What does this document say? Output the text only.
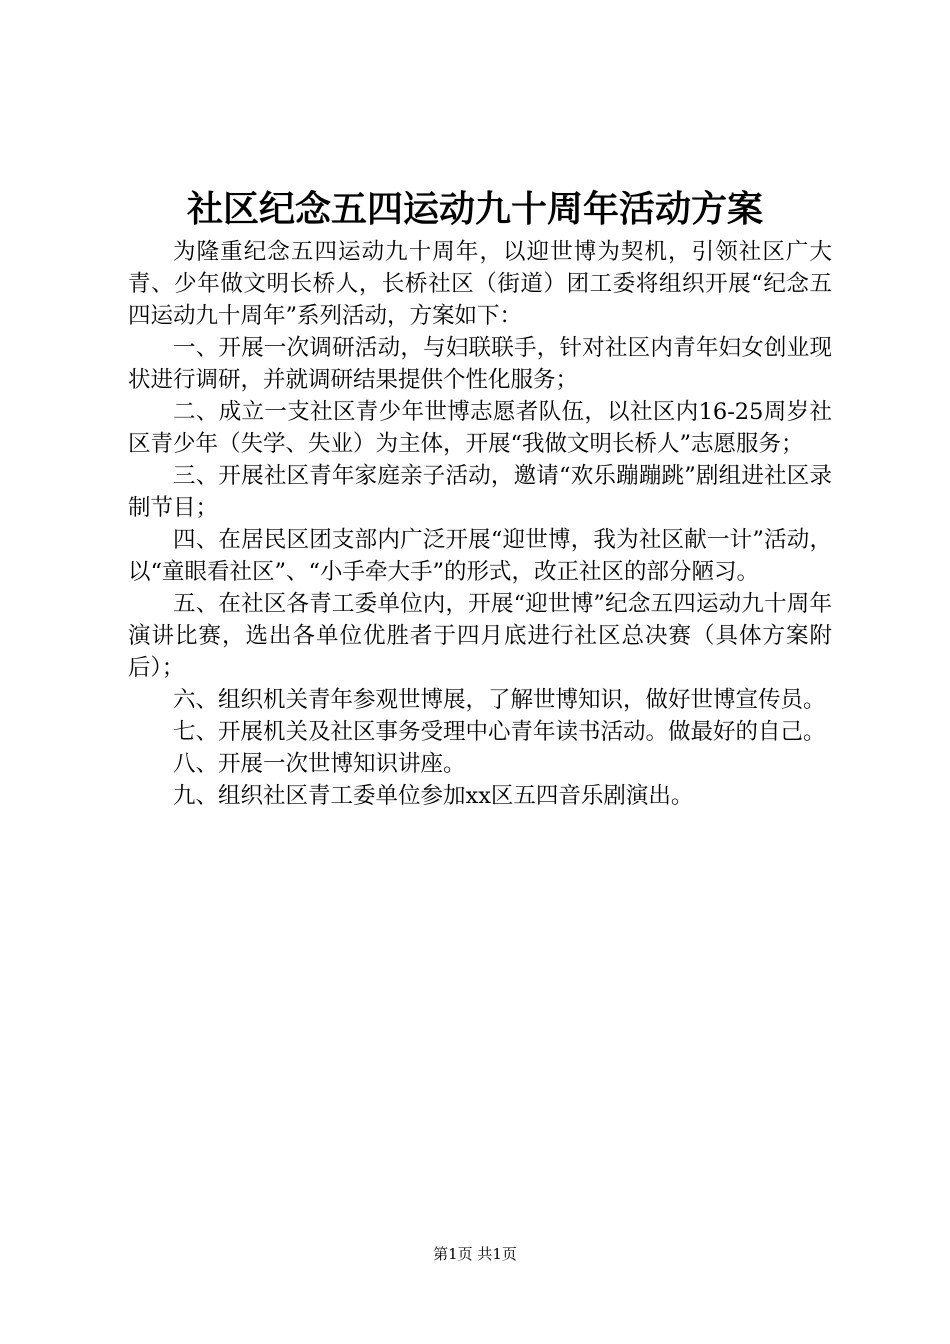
社区纪念五四运动九十周年活动方案

为隆重纪念五四运动九十周年，以迎世博为契机，引领社区广大青、少年做文明长桥人，长桥社区（街道）团工委将组织开展“纪念五四运动九十周年”系列活动，方案如下：

一、开展一次调研活动，与妇联联手，针对社区内青年妇女创业现状进行调研，并就调研结果提供个性化服务；

二、成立一支社区青少年世博志愿者队伍，以社区内16-25周岁社区青少年（失学、失业）为主体，开展“我做文明长桥人”志愿服务；

三、开展社区青年家庭亲子活动，邀请“欢乐蹦蹦跳”剧组进社区录制节目；

四、在居民区团支部内广泛开展“迎世博，我为社区献一计”活动，以“童眼看社区”、“小手牵大手”的形式，改正社区的部分陋习。

五、在社区各青工委单位内，开展“迎世博”纪念五四运动九十周年演讲比赛，选出各单位优胜者于四月底进行社区总决赛（具体方案附后）；

六、组织机关青年参观世博展，了解世博知识，做好世博宣传员。

七、开展机关及社区事务受理中心青年读书活动。做最好的自己。

八、开展一次世博知识讲座。

九、组织社区青工委单位参加xx区五四音乐剧演出。

第1页 共1页
